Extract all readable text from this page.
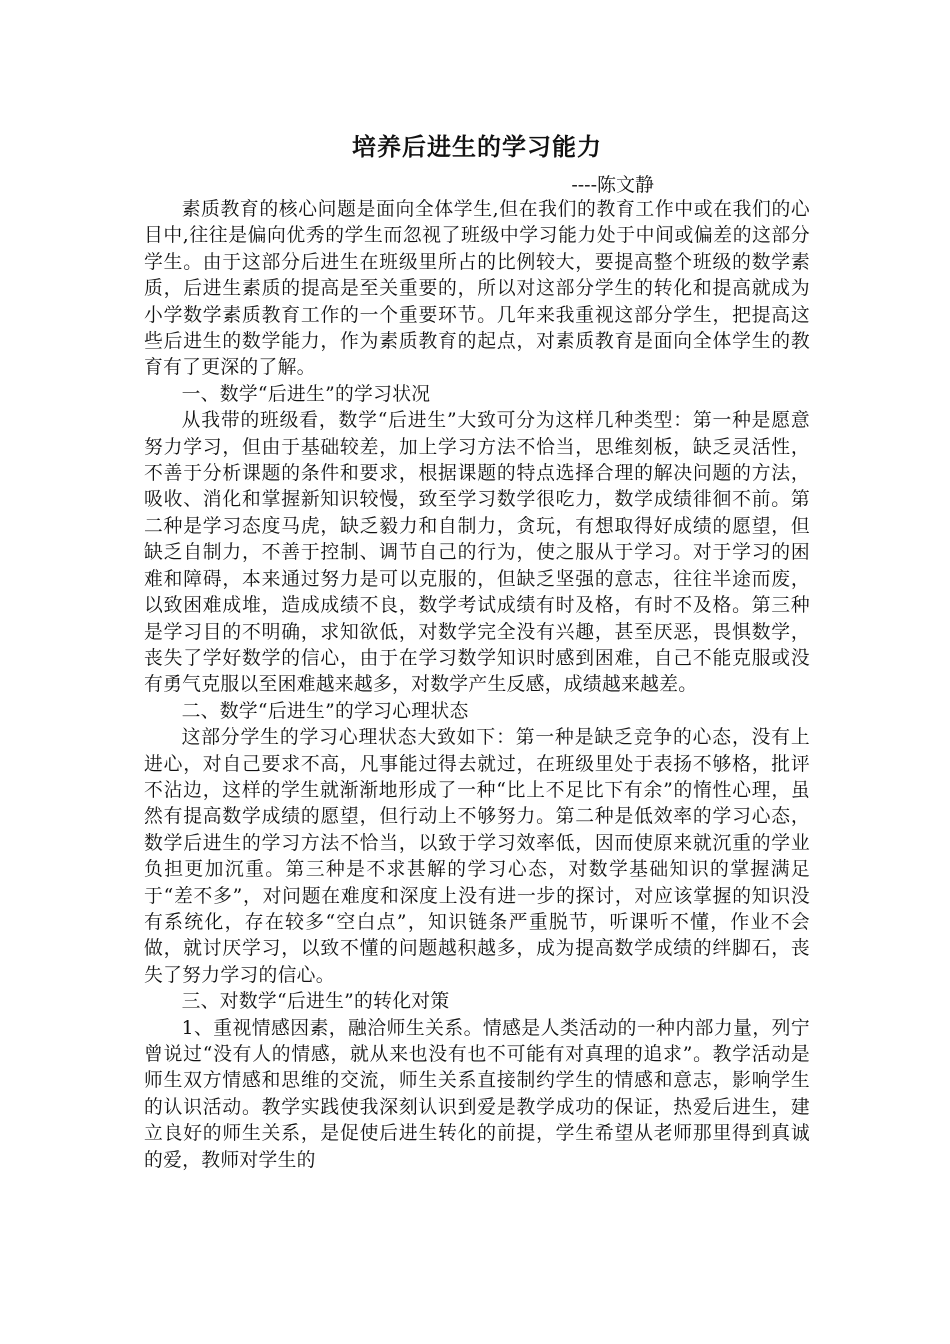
培养后进生的学习能力
----陈文静

素质教育的核心问题是面向全体学生,但在我们的教育工作中或在我们的心目中,往往是偏向优秀的学生而忽视了班级中学习能力处于中间或偏差的这部分学生。由于这部分后进生在班级里所占的比例较大，要提高整个班级的数学素质，后进生素质的提高是至关重要的，所以对这部分学生的转化和提高就成为小学数学素质教育工作的一个重要环节。几年来我重视这部分学生，把提高这些后进生的数学能力，作为素质教育的起点，对素质教育是面向全体学生的教育有了更深的了解。

一、数学“后进生”的学习状况

从我带的班级看，数学“后进生”大致可分为这样几种类型：第一种是愿意努力学习，但由于基础较差，加上学习方法不恰当，思维刻板，缺乏灵活性，不善于分析课题的条件和要求，根据课题的特点选择合理的解决问题的方法，吸收、消化和掌握新知识较慢，致至学习数学很吃力，数学成绩徘徊不前。第二种是学习态度马虎，缺乏毅力和自制力，贪玩，有想取得好成绩的愿望，但缺乏自制力，不善于控制、调节自己的行为，使之服从于学习。对于学习的困难和障碍，本来通过努力是可以克服的，但缺乏坚强的意志，往往半途而废，以致困难成堆，造成成绩不良，数学考试成绩有时及格，有时不及格。第三种是学习目的不明确，求知欲低，对数学完全没有兴趣，甚至厌恶，畏惧数学，丧失了学好数学的信心，由于在学习数学知识时感到困难，自己不能克服或没有勇气克服以至困难越来越多，对数学产生反感，成绩越来越差。

二、数学“后进生”的学习心理状态

这部分学生的学习心理状态大致如下：第一种是缺乏竞争的心态，没有上进心，对自己要求不高，凡事能过得去就过，在班级里处于表扬不够格，批评不沾边，这样的学生就渐渐地形成了一种“比上不足比下有余”的惰性心理，虽然有提高数学成绩的愿望，但行动上不够努力。第二种是低效率的学习心态，数学后进生的学习方法不恰当，以致于学习效率低，因而使原来就沉重的学业负担更加沉重。第三种是不求甚解的学习心态，对数学基础知识的掌握满足于“差不多”，对问题在难度和深度上没有进一步的探讨，对应该掌握的知识没有系统化，存在较多“空白点”，知识链条严重脱节，听课听不懂，作业不会做，就讨厌学习，以致不懂的问题越积越多，成为提高数学成绩的绊脚石，丧失了努力学习的信心。

三、对数学“后进生”的转化对策

1、重视情感因素，融洽师生关系。情感是人类活动的一种内部力量，列宁曾说过“没有人的情感，就从来也没有也不可能有对真理的追求”。教学活动是师生双方情感和思维的交流，师生关系直接制约学生的情感和意志，影响学生的认识活动。教学实践使我深刻认识到爱是教学成功的保证，热爱后进生，建立良好的师生关系，是促使后进生转化的前提，学生希望从老师那里得到真诚的爱，教师对学生的
